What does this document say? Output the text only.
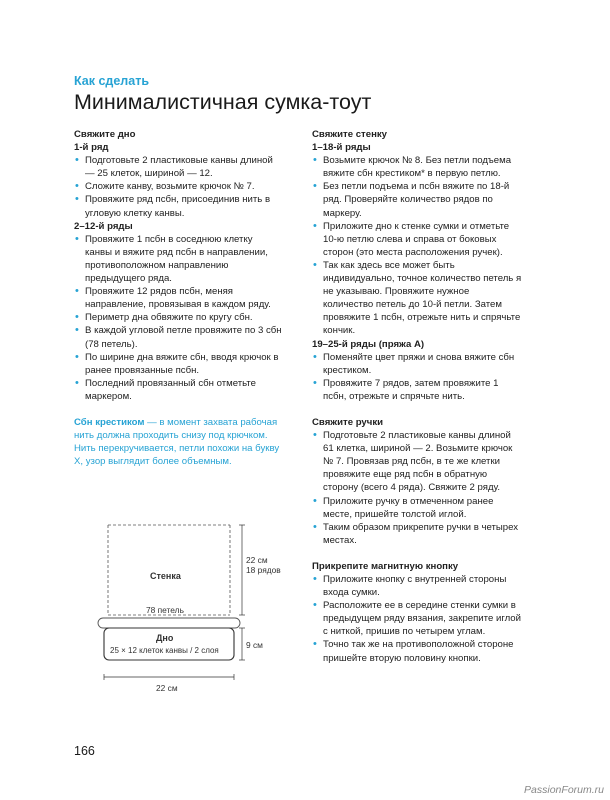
Как сделать
Минималистичная сумка-тоут

Свяжите дно

1-й ряд

• Подготовьте 2 пластиковые канвы длиной — 25 клеток, шириной — 12.
• Сложите канву, возьмите крючок № 7.
• Провяжите ряд пcбн, присоединив нить в угловую клетку канвы.

2–12-й ряды

• Провяжите 1 псбн в соседнюю клетку канвы и вяжите ряд псбн в направлении, противоположном направлению предыдущего ряда.
• Провяжите 12 рядов псбн, меняя направление, провязывая в каждом ряду.
• Периметр дна обвяжите по кругу сбн.
• В каждой угловой петле провяжите по 3 сбн (78 петель).
• По ширине дна вяжите сбн, вводя крючок в ранее провязанные псбн.
• Последний провязанный сбн отметьте маркером.
Сбн крестиком — в момент захвата рабочая нить должна проходить снизу под крючком. Нить перекручивается, петли похожи на букву Х, узор выглядит более объемным.

Свяжите стенку

1–18-й ряды

• Возьмите крючок № 8. Без петли подъема вяжите сбн крестиком* в первую петлю.
• Без петли подъема и псбн вяжите по 18-й ряд. Проверяйте количество рядов по маркеру.
• Приложите дно к стенке сумки и отметьте 10-ю петлю слева и справа от боковых сторон (это места расположения ручек).
• Так как здесь все может быть индивидуально, точное количество петель я не указываю. Провяжите нужное количество петель до 10-й петли. Затем провяжите 1 псбн, отрежьте нить и спрячьте кончик.

19–25-й ряды (пряжа А)

• Поменяйте цвет пряжи и снова вяжите сбн крестиком.
• Провяжите 7 рядов, затем провяжите 1 псбн, отрежьте и спрячьте нить.

Свяжите ручки

• Подготовьте 2 пластиковые канвы длиной 61 клетка, шириной — 2. Возьмите крючок № 7. Провязав ряд псбн, в те же клетки провяжите еще ряд псбн в обратную сторону (всего 4 ряда). Свяжите 2 ряду.
• Приложите ручку в отмеченном ранее месте, пришейте толстой иглой.
• Таким образом прикрепите ручки в четырех местах.

Прикрепите магнитную кнопку

• Приложите кнопку с внутренней стороны входа сумки.
• Расположите ее в середине стенки сумки в предыдущем ряду вязания, закрепите иглой с ниткой, пришив по четырем углам.
• Точно так же на противоположной стороне пришейте вторую половину кнопки.
Стенка
78 петель
Дно
25 × 12 клеток канвы / 2 слоя
22 см
18 рядов
9 см
22 см
166
PassionForum.ru
